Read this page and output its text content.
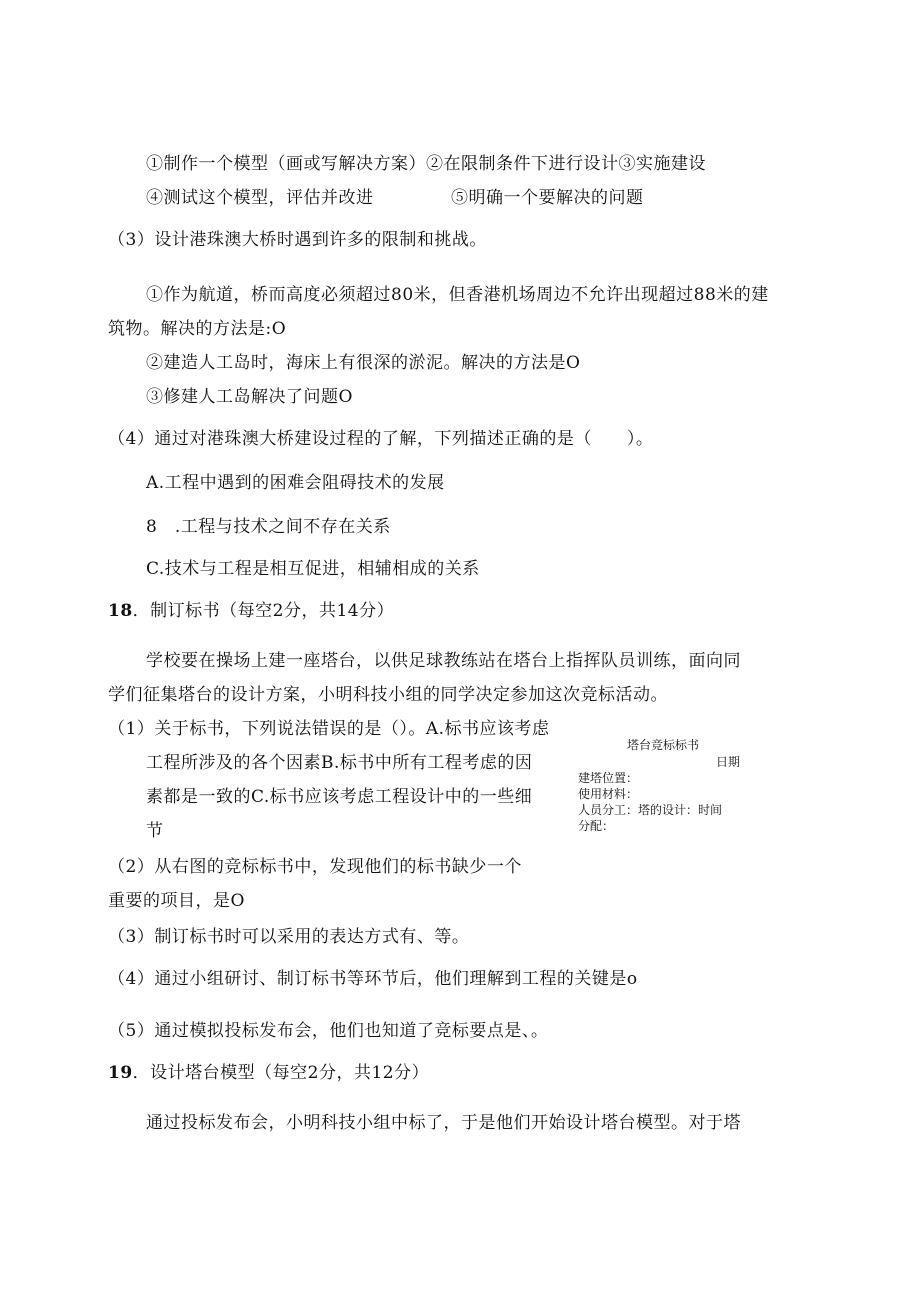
①制作一个模型（画或写解决方案）②在限制条件下进行设计③实施建设
④测试这个模型，评估并改进	⑤明确一个要解决的问题
（3）设计港珠澳大桥时遇到许多的限制和挑战。
①作为航道，桥而高度必须超过80米，但香港机场周边不允许出现超过88米的建
筑物。解决的方法是:O
②建造人工岛时，海床上有很深的淤泥。解决的方法是O
③修建人工岛解决了问题O
（4）通过对港珠澳大桥建设过程的了解，下列描述正确的是（　　）。
A.工程中遇到的困难会阻碍技术的发展
8　.工程与技术之间不存在关系
C.技术与工程是相互促进，相辅相成的关系
18．制订标书（每空2分，共14分）
学校要在操场上建一座塔台，以供足球教练站在塔台上指挥队员训练，面向同
学们征集塔台的设计方案，小明科技小组的同学决定参加这次竞标活动。
（1）关于标书，下列说法错误的是（）。A.标书应该考虑
工程所涉及的各个因素B.标书中所有工程考虑的因
素都是一致的C.标书应该考虑工程设计中的一些细
节
（2）从右图的竞标标书中，发现他们的标书缺少一个
重要的项目，是O
（3）制订标书时可以采用的表达方式有、等。
（4）通过小组研讨、制订标书等环节后，他们理解到工程的关键是o
（5）通过模拟投标发布会，他们也知道了竞标要点是、。
塔台竞标标书
日期
建塔位置：
使用材料：
人员分工：塔的设计：时间
分配：
19．设计塔台模型（每空2分，共12分）
通过投标发布会，小明科技小组中标了，于是他们开始设计塔台模型。对于塔
